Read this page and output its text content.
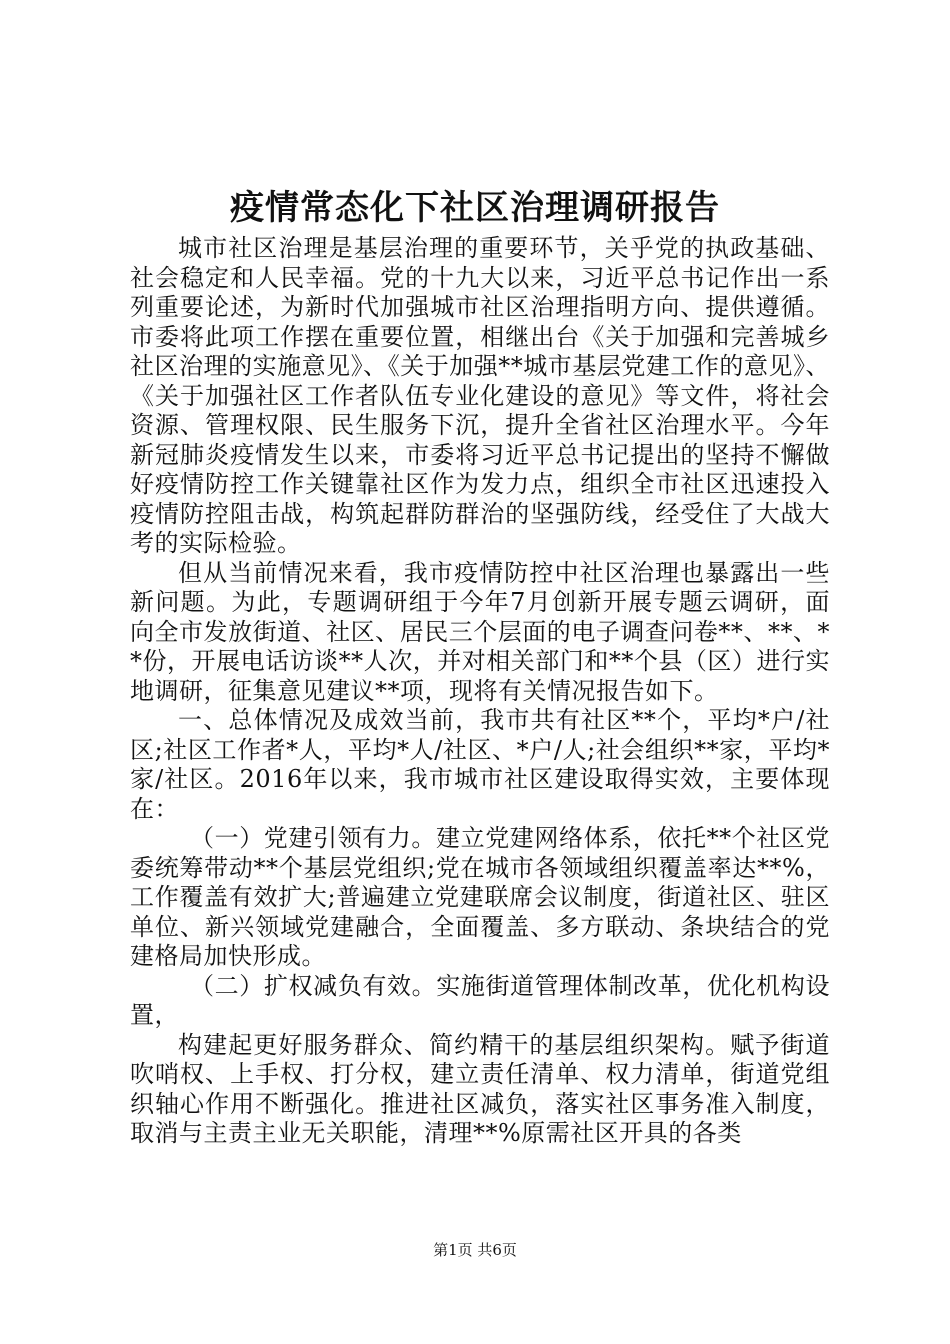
疫情常态化下社区治理调研报告

城市社区治理是基层治理的重要环节，关乎党的执政基础、社会稳定和人民幸福。党的十九大以来，习近平总书记作出一系列重要论述，为新时代加强城市社区治理指明方向、提供遵循。市委将此项工作摆在重要位置，相继出台《关于加强和完善城乡社区治理的实施意见》、《关于加强**城市基层党建工作的意见》、《关于加强社区工作者队伍专业化建设的意见》等文件，将社会资源、管理权限、民生服务下沉，提升全省社区治理水平。今年新冠肺炎疫情发生以来，市委将习近平总书记提出的坚持不懈做好疫情防控工作关键靠社区作为发力点，组织全市社区迅速投入疫情防控阻击战，构筑起群防群治的坚强防线，经受住了大战大考的实际检验。

但从当前情况来看，我市疫情防控中社区治理也暴露出一些新问题。为此，专题调研组于今年7月创新开展专题云调研，面向全市发放街道、社区、居民三个层面的电子调查问卷**、**、**份，开展电话访谈**人次，并对相关部门和**个县（区）进行实地调研，征集意见建议**项，现将有关情况报告如下。

一、总体情况及成效当前，我市共有社区**个，平均*户/社区;社区工作者*人，平均*人/社区、*户/人;社会组织**家，平均*家/社区。2016年以来，我市城市社区建设取得实效，主要体现在：

（一）党建引领有力。建立党建网络体系，依托**个社区党委统筹带动**个基层党组织;党在城市各领域组织覆盖率达**%，工作覆盖有效扩大;普遍建立党建联席会议制度，街道社区、驻区单位、新兴领域党建融合，全面覆盖、多方联动、条块结合的党建格局加快形成。

（二）扩权减负有效。实施街道管理体制改革，优化机构设置，

构建起更好服务群众、简约精干的基层组织架构。赋予街道吹哨权、上手权、打分权，建立责任清单、权力清单，街道党组织轴心作用不断强化。推进社区减负，落实社区事务准入制度，取消与主责主业无关职能，清理**%原需社区开具的各类

第1页 共6页
